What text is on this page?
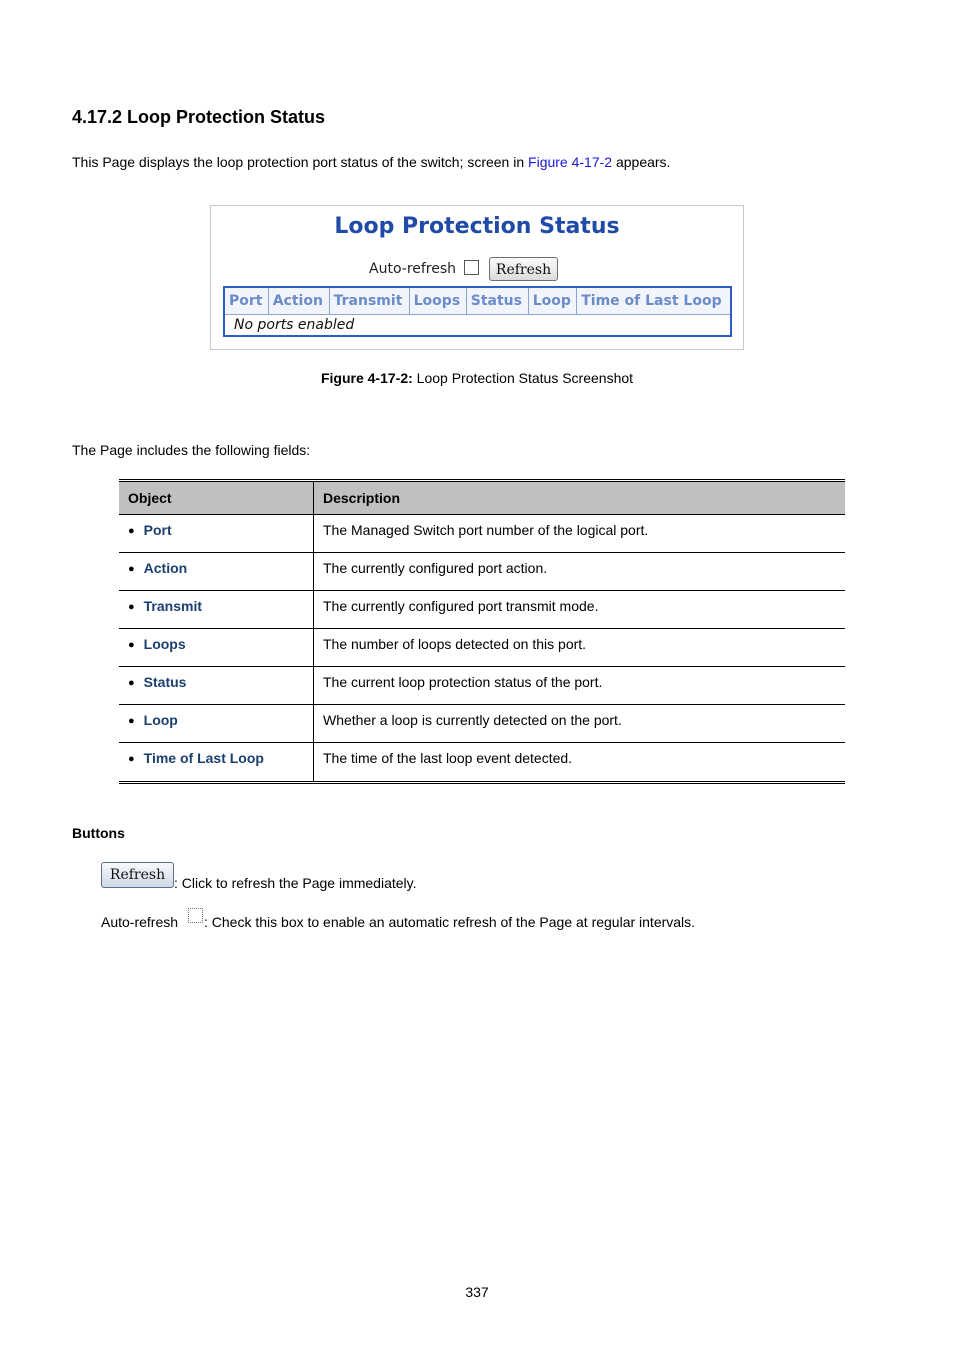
4.17.2 Loop Protection Status
This Page displays the loop protection port status of the switch; screen in Figure 4-17-2 appears.
Loop Protection Status
Auto-refresh	Refresh
Port	Action	Transmit	Loops	Status	Loop	Time of Last Loop
No ports enabled
Figure 4-17-2: Loop Protection Status Screenshot
The Page includes the following fields:
Object	Description
● Port	The Managed Switch port number of the logical port.
● Action	The currently configured port action.
● Transmit	The currently configured port transmit mode.
● Loops	The number of loops detected on this port.
● Status	The current loop protection status of the port.
● Loop	Whether a loop is currently detected on the port.
● Time of Last Loop	The time of the last loop event detected.
Buttons
Refresh : Click to refresh the Page immediately.
Auto-refresh : Check this box to enable an automatic refresh of the Page at regular intervals.
337
